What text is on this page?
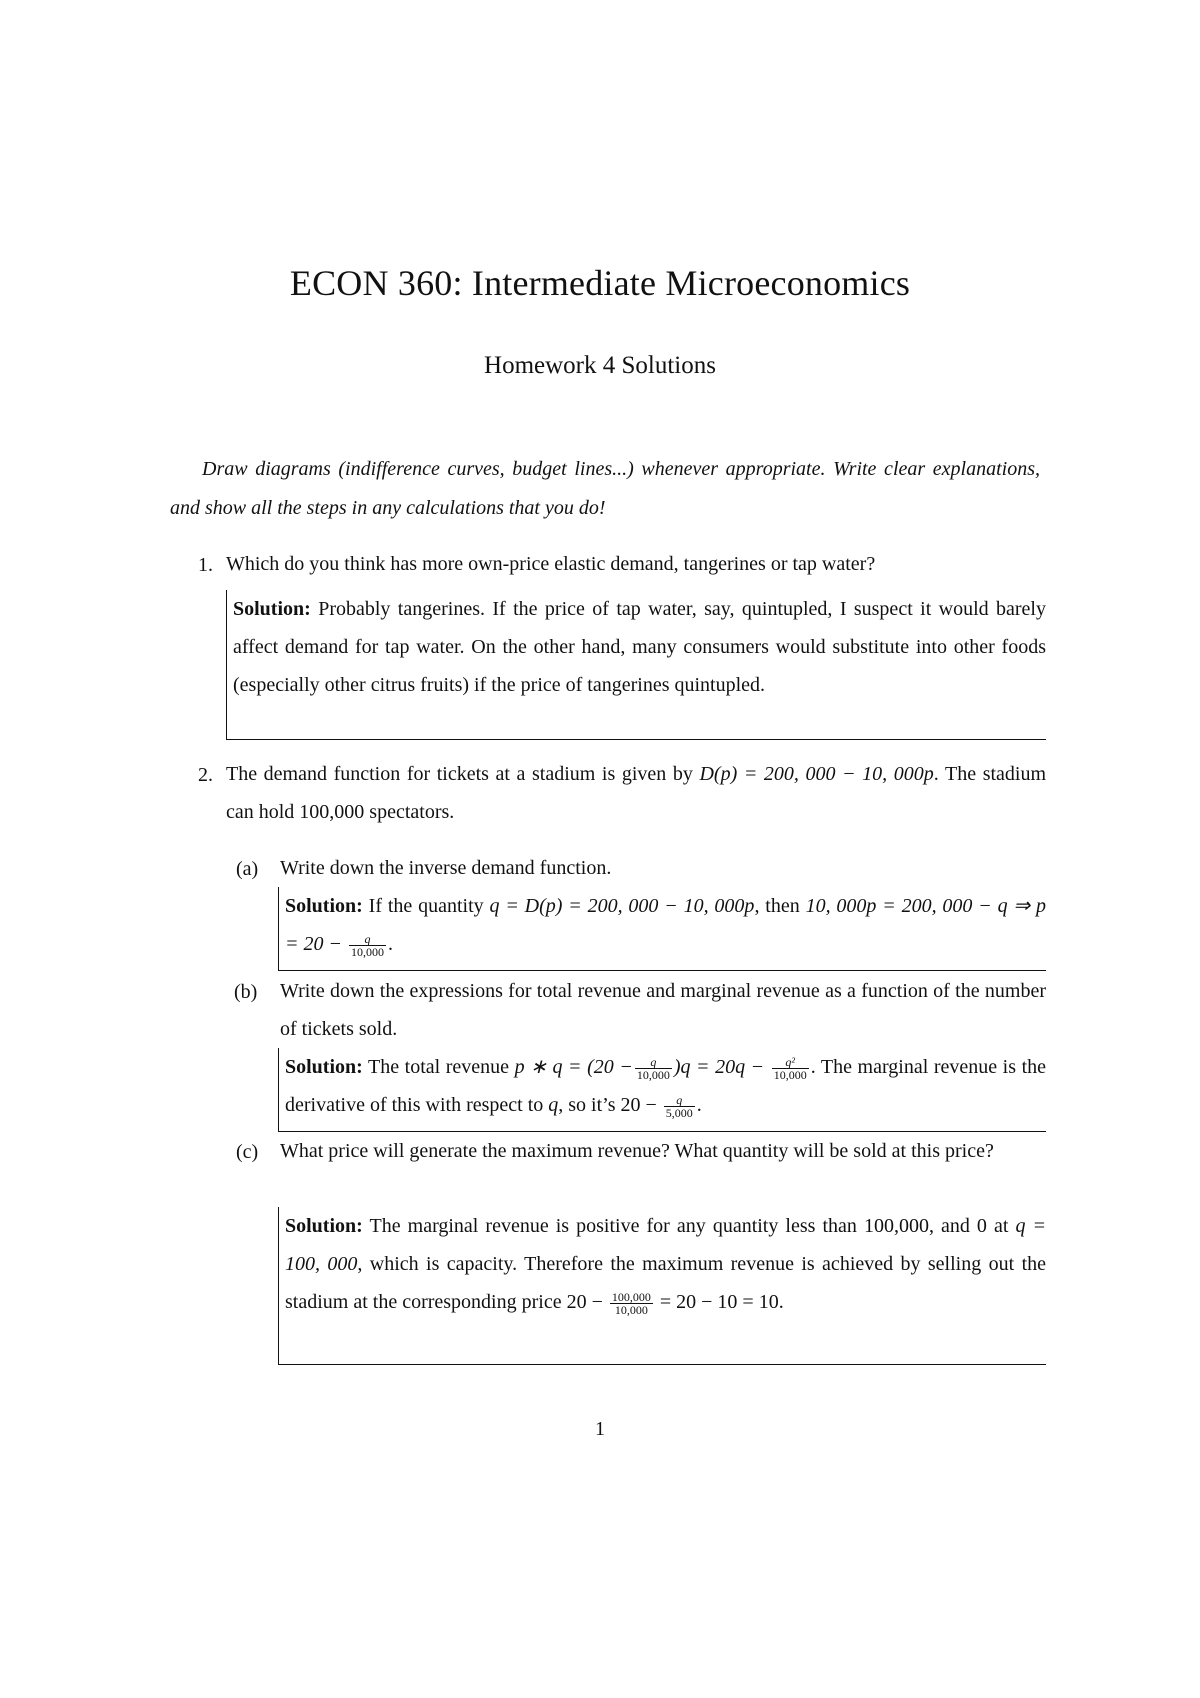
ECON 360: Intermediate Microeconomics
Homework 4 Solutions
Draw diagrams (indifference curves, budget lines...) whenever appropriate. Write clear explanations, and show all the steps in any calculations that you do!
1. Which do you think has more own-price elastic demand, tangerines or tap water?
Solution: Probably tangerines. If the price of tap water, say, quintupled, I suspect it would barely affect demand for tap water. On the other hand, many consumers would substitute into other foods (especially other citrus fruits) if the price of tangerines quintupled.
2. The demand function for tickets at a stadium is given by D(p) = 200, 000 − 10, 000p. The stadium can hold 100,000 spectators.
(a) Write down the inverse demand function.
Solution: If the quantity q = D(p) = 200, 000 − 10, 000p, then 10, 000p = 200, 000 − q ⇒ $p = 20 - \frac{q}{10,000}$ .
(b) Write down the expressions for total revenue and marginal revenue as a function of the number of tickets sold.
Solution: The total revenue p ∗ $q = (20 - \frac{q}{10,000} )q = 20q - \frac{\text{q²}}{10,000}$ . The marginal revenue is the derivative of this with respect to q, so it’s $20 - \frac{q}{5,000}$ .
(c) What price will generate the maximum revenue? What quantity will be sold at this price?
Solution: The marginal revenue is positive for any quantity less than 100,000, and 0 at q = 100, 000, which is capacity. Therefore the maximum revenue is achieved by selling out the stadium at the corresponding price $20 - \frac{100,000}{10,000} = 20 - 10 = 10$.
1
